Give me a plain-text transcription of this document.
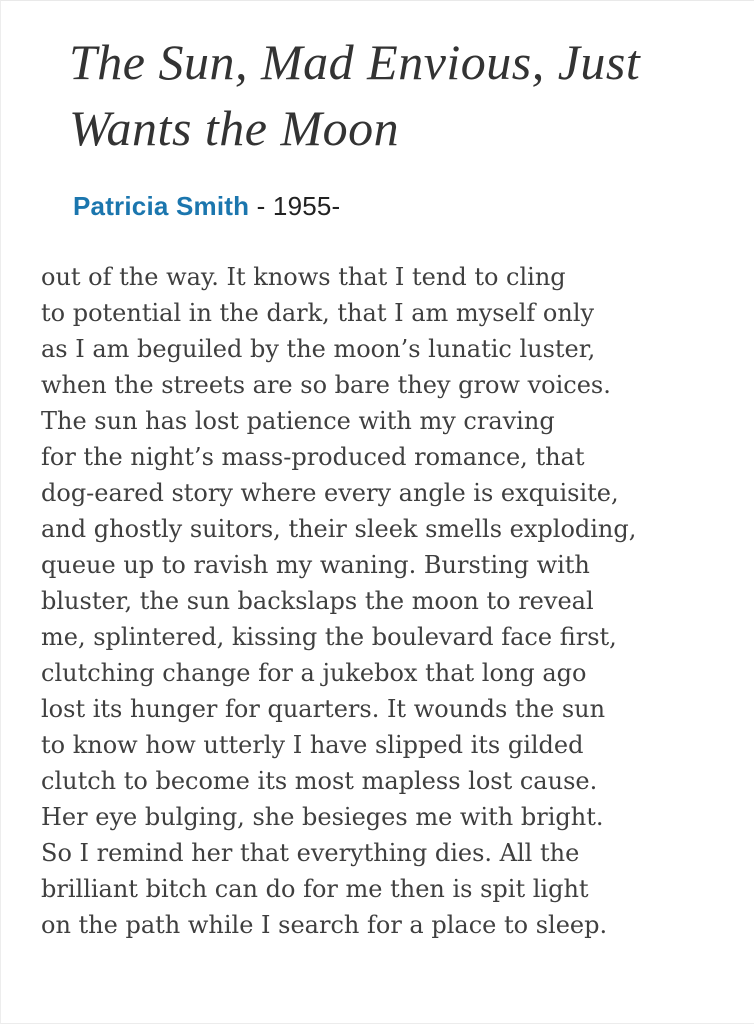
The Sun, Mad Envious, Just
Wants the Moon

Patricia Smith - 1955-

out of the way. It knows that I tend to cling
to potential in the dark, that I am myself only
as I am beguiled by the moon’s lunatic luster,
when the streets are so bare they grow voices.
The sun has lost patience with my craving
for the night’s mass-produced romance, that
dog-eared story where every angle is exquisite,
and ghostly suitors, their sleek smells exploding,
queue up to ravish my waning. Bursting with
bluster, the sun backslaps the moon to reveal
me, splintered, kissing the boulevard face first,
clutching change for a jukebox that long ago
lost its hunger for quarters. It wounds the sun
to know how utterly I have slipped its gilded
clutch to become its most mapless lost cause.
Her eye bulging, she besieges me with bright.
So I remind her that everything dies. All the
brilliant bitch can do for me then is spit light
on the path while I search for a place to sleep.
